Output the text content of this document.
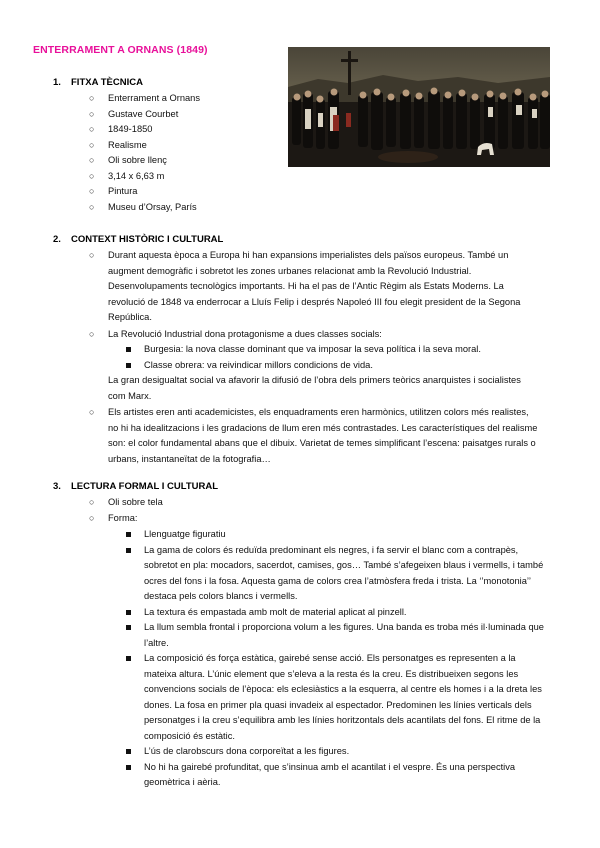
ENTERRAMENT A ORNANS (1849)
1. FITXA TÈCNICA
○ Enterrament a Ornans
○ Gustave Courbet
○ 1849-1850
○ Realisme
○ Oli sobre llenç
○ 3,14 x 6,63 m
○ Pintura
○ Museu d’Orsay, París
2. CONTEXT HISTÒRIC I CULTURAL
○ Durant aquesta època a Europa hi han expansions imperialistes dels països europeus. També un augment demogràfic i sobretot les zones urbanes relacionat amb la Revolució Industrial. Desenvolupaments tecnològics importants. Hi ha el pas de l’Antic Règim als Estats Moderns. La revolució de 1848 va enderrocar a Lluís Felip i després Napoleó III fou elegit president de la Segona República.
○ La Revolució Industrial dona protagonisme a dues classes socials:
Burgesia: la nova classe dominant que va imposar la seva política i la seva moral.
Classe obrera: va reivindicar millors condicions de vida.
La gran desigualtat social va afavorir la difusió de l’obra dels primers teòrics anarquistes i socialistes com Marx.
○ Els artistes eren anti academicistes, els enquadraments eren harmònics, utilitzen colors més realistes, no hi ha idealitzacions i les gradacions de llum eren més contrastades. Les característiques del realisme son: el color fundamental abans que el dibuix. Varietat de temes simplificant l’escena: paisatges rurals o urbans, instantaneïtat de la fotografia…
3. LECTURA FORMAL I CULTURAL
○ Oli sobre tela
○ Forma:
Llenguatge figuratiu
La gama de colors és reduïda predominant els negres, i fa servir el blanc com a contrapès, sobretot en pla: mocadors, sacerdot, camises, gos… També s’afegeixen blaus i vermells, i també ocres del fons i la fosa. Aquesta gama de colors crea l’atmòsfera freda i trista. La ‘’monotonia’’ destaca pels colors blancs i vermells.
La textura és empastada amb molt de material aplicat al pinzell.
La llum sembla frontal i proporciona volum a les figures. Una banda es troba més il·luminada que l’altre.
La composició és força estàtica, gairebé sense acció. Els personatges es representen a la mateixa altura. L’únic element que s’eleva a la resta és la creu. Es distribueixen segons les convencions socials de l’època: els eclesiàstics a la esquerra, al centre els homes i a la dreta les dones. La fosa en primer pla quasi invadeix al espectador. Predominen les línies verticals dels personatges i la creu s’equilibra amb les línies horitzontals dels acantilats del fons. El ritme de la composició és estàtic.
L’ús de clarobscurs dona corporeïtat a les figures.
No hi ha gairebé profunditat, que s’insinua amb el acantilat i el vespre. És una perspectiva geomètrica i aèria.
